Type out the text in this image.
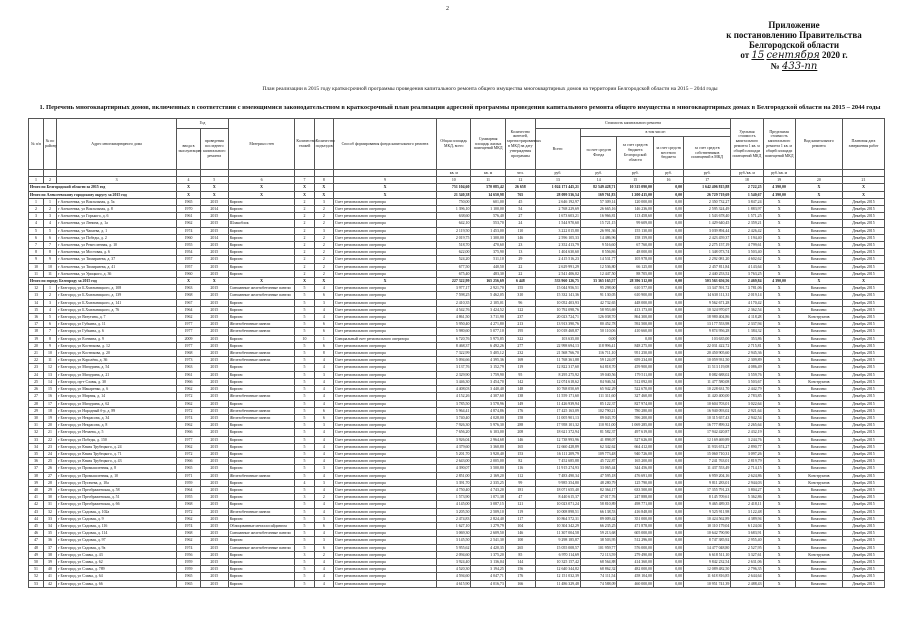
2
Приложение
к постановлению Правительства
Белгородской области
от 15 сентября 2020 г.
№ 433-пп
План реализации в 2015 году краткосрочной программы проведения капитального ремонта общего имущества многоквартирных домов на территории Белгородской области на 2015 – 2044 годы
1. Перечень многоквартирных домов, включенных в соответствии с имеющимися законодательством в краткосрочный план реализации адресной программы проведения капитального ремонта общего имущества в многоквартирных домах в Белгородской области на 2015 – 2044 годы
№ п/п	№ по району	Адрес многоквартирного дома	Год		Материал стен	Количество этажей	Количество подъездов	Способ формирования фонда капитального ремонта	Общая площадь МКД, всего	Суммарная площадь жилых помещений МКД	Количество жителей, зарегистрированных в МКД на дату утверждения программы	Стоимость капитального ремонта					Удельная стоимость капитального ремонта 1 кв. м общей площади помещений МКД	Предельная стоимость капитального ремонта 1 кв. м общей площади помещений МКД	Вид капитального ремонта	Плановая дата завершения работ
			ввода в эксплуатацию	проведения последнего капитального ремонта								Всего:	в том числе:							
													за счет средств Фонда	за счет средств бюджета Белгородской области	за счет средств местного бюджета	за счет средств собственников помещений в МКД				
									кв. м	кв. м	чел.	руб.	руб.	руб.	руб.	руб.	руб./кв. м	руб./кв. м		
1	2	3	4	5	6	7	8	9	10	11	12	13	14	15	16	17	18	19	20	21
Итого по Белгородской области за 2015 год			X	X	X	X	X	X	751 104,60	570 085,42	26 658	1 024 171 445,21	82 549 428,71	10 315 090,00	0,00	1 642 406 815,88	2 722,25	4 390,00	X	X
Итого по Алексеевскому городскому округу за 2015 год			X	X	X	X	X	X	21 340,38	14 650,98	765	28 099 536,54	169 761,83	1 200 415,00	0,00	26 729 719,69	1 540,67	4 390,00	X	X
1	1	г Алексеевка, ул Вокзальная, д. 5а	1965	2015	Кирпич	2	3	Счет регионального оператора	750,00	601,00	45	2 646 192,97	57 309,14	120 000,00	0,00	2 350 732,27	3 847,24	X	Комплекс	Декабрь 2015
2	2	г Алексеевка, ул Вокзальная, д. 8	1970	2014	Кирпич	2	2	Счет регионального оператора	1 396,10	1 100,00	54	2 768 229,69	26 665,16	146 236,00	0,00	2 595 324,49	1 883,97	X	Комплекс	Декабрь 2015
3	3	г Алексеевка, ул Горького, д. 6	1961	2015	Кирпич	2	2	Счет регионального оператора	638,60	576,40	27	1 673 603,21	16 966,81	113 458,60	0,00	1 543 678,40	1 571,25	X	Комплекс	Декабрь 2015
4	4	г Алексеевка, ул Ленина, д. 1а	1962	2015	Шлакоблок	2	2	Счет регионального оператора	642,10	553,70	24	1 544 970,60	15 721,15	99 609,00	0,00	1 429 640,45	2 359,21	X	Комплекс	Декабрь 2015
5	5	г Алексеевка, ул Чапаева, д. 1	1974	2015	Кирпич	2	3	Счет регионального оператора	2 119,50	1 453,00	110	3 222 015,80	26 991,36	155 130,00	0,00	3 039 894,44	2 426,42	X	Комплекс	Декабрь 2015
6	6	г Алексеевка, ул Победы, д. 2	1960	2014	Кирпич	2	2	Счет регионального оператора	2 019,75	1 300,00	146	2 596 105,33	14 486,96	158 159,00	0,00	2 423 459,37	1 194,40	X	Комплекс	Декабрь 2015
7	7	г Алексеевка, ул Ремесленная, д. 10	1955	2015	Кирпич	2	2	Счет регионального оператора	518,70	470,60	23	2 352 413,79	9 516,60	67 760,00	0,00	2 275 157,19	4 799,61	X	Комплекс	Декабрь 2015
8	8	г Алексеевка, ул Мостовая, д. 6	1954	2015	Кирпич	2	2	Счет регионального оператора	622,00	375,90	13	1 404 630,60	8 556,86	48 000,00	0,00	1 348 073,74	3 503,40	X	Комплекс	Декабрь 2015
9	9	г Алексеевка, ул Тимирязева, д. 37	1957	2015	Кирпич	2	2	Счет регионального оператора	524,20	511,10	29	2 415 516,23	14 531,77	105 978,00	0,00	2 292 081,20	4 602,62	X	Комплекс	Декабрь 2015
10	10	г Алексеевка, ул Тимирязева, д. 41	1957	2015	Кирпич	2	2	Счет регионального оператора	677,50	440,50	22	2 629 991,29	12 536,80	66 125,00	0,00	2 457 811,84	4 143,64	X	Комплекс	Декабрь 2015
11	11	г Алексеевка, ул Урицкого, д. 36	1960	2015	Кирпич	2	2	Счет регионального оператора	675,40	483,30	22	2 541 406,02	12 447,50	88 705,00	0,00	2 440 253,52	3 763,25	X	Комплекс	Декабрь 2015
Итого по городу Белгороду за 2015 год			X	X	X	X	X	X	227 322,99	165 256,69	6 448	533 960 126,75	33 365 165,57	28 396 312,00	0,00	503 563 656,56	2 469,84	4 390,00	X	X
12	1	г Белгород, ул Б.Хмельницкого, д. 108	1963	2015	Смешанные железобетонные панели	5	4	Счет регионального оператора	3 977,17	2 921,70	155	15 044 956,51	95 298,00	610 577,00	0,00	13 347 591,72	3 781,06	X	Комплекс	Декабрь 2015
13	2	г Белгород, ул Б.Хмельницкого, д. 139	1968	2015	Смешанные железобетонные панели	5	6	Счет регионального оператора	7 598,25	5 462,05	310	15 332 141,36	91 130,05	610 900,00	0,00	14 630 111,31	2 019,14	X	Комплекс	Декабрь 2015
14	3	г Белгород, ул Б.Хмельницкого, д. 141	1967	2015	Кирпич	5	3	Счет регионального оператора	2 410,35	2 105,01	96	10 052 403,93	42 732,65	448 000,00	0,00	9 562 671,28	4 170,42	X	Комплекс	Декабрь 2015
15	4	г Белгород, ул Б.Хмельницкого, д. 76	1964	2015	Кирпич	5	4	Счет регионального оператора	4 542,76	3 424,52	122	10 792 098,76	58 953,69	413 173,00	0,00	10 324 970,07	2 362,54	X	Комплекс	Декабрь 2015
16	5	г Белгород, ул Ватутина, д. 7	1962	2015	Кирпич	5	4	Счет регионального оператора	4 861,50	3 711,90	237	20 023 724,71	126 038,70	864 300,00	0,00	18 980 404,86	4 118,28	X	Конструктив	Декабрь 2015
17	6	г Белгород, ул Губкина, д. 11	1977	2015	Железобетонные панели	5	6	Счет регионального оператора	5 950,40	4 271,80	213	13 913 390,76	80 452,78	592 500,00	0,00	13 177 553,98	2 337,94	X	Комплекс	Декабрь 2015
18	7	г Белгород, ул Губкина, д. 6	1977	2015	Железобетонные панели	5	6	Счет регионального оператора	5 980,60	5 077,10	195	10 018 468,87	50 110,06	410 660,00	0,00	9 874 956,28	1 384,32	X	Комплекс	Декабрь 2015
19	8	г Белгород, ул Есенина, д. 9	2009	2015	Кирпич	10	1	Специальный счет регионального оператора	6 720,76	5 975,85	322	103 635,00	0,00	0,00	0,00	103 635,00	353,86	X	Комплекс	Декабрь 2015
20	9	г Белгород, ул Костюкова, д. 12	1977	2015	Кирпич	5	6	Счет регионального оператора	8 468,37	6 492,26	277	22 998 694,13	118 996,41	848 275,00	0,00	22 031 422,72	2 715,81	X	Комплекс	Декабрь 2015
21	10	г Белгород, ул Костюкова, д. 20	1968	2015	Железобетонные панели	5	8	Счет регионального оператора	7 322,99	5 405,12	232	21 568 766,70	116 711,10	951 250,00	0,00	20 450 905,60	2 945,36	X	Комплекс	Декабрь 2015
22	11	г Белгород, ул Королёва, д. 36	1973	2015	Железобетонные панели	5	4	Счет регионального оператора	5 094,66	4 395,36	169	11 768 361,88	59 124,07	659 234,00	0,00	10 059 931,50	2 309,89	X	Комплекс	Декабрь 2015
23	12	г Белгород, ул Мичурина, д. 54	1963	2015	Кирпич	5	4	Счет регионального оператора	3 137,76	3 152,79	119	12 822 317,60	64 818,70	459 900,00	0,00	11 513 119,08	4 086,49	X	Комплекс	Декабрь 2015
24	13	г Белгород, ул Мичурина, д. 21	1961	2015	Кирпич	5	3	Счет регионального оператора	2 329,90	1 759,90	95	8 295 275,92	39 040,56	179 511,00	0,00	8 082 688,02	3 559,76	X	Комплекс	Декабрь 2015
25	14	г Белгород, пр-т Славы, д. 30	1966	2015	Кирпич	5	4	Счет регионального оператора	3 446,30	3 454,70	142	12 074 618,62	84 946,54	512 092,00	0,00	11 477 580,08	3 503,67	X	Конструктив	Декабрь 2015
26	15	г Белгород, ул Макаренко, д. 6	1962	2015	Кирпич	5	4	Счет регионального оператора	4 408,03	3 440,40	148	10 768 050,69	65 942,29	522 670,00	0,00	10 228 631,70	2 442,79	X	Комплекс	Декабрь 2015
27	16	г Белгород, ул Мирная, д. 14	1972	2015	Железобетонные панели	5	4	Счет регионального оператора	4 152,26	4 307,60	138	11 559 171,60	111 311,60	327 460,00	0,00	11 420 400,00	2 783,85	X	Комплекс	Декабрь 2015
28	17	г Белгород, ул Мичурина, д. 62	1962	2015	Кирпич	5	4	Счет регионального оператора	3 785,50	3 578,96	149	11 426 939,94	85 122,37	827 974,00	0,00	10 604 703,01	3 022,64	X	Комплекс	Декабрь 2015
29	18	г Белгород, ул Народный б-р, д. 89	1972	2015	Железобетонные панели	5	6	Счет регионального оператора	5 964,41	4 874,86	176	17 425 163,09	102 790,21	780 280,00	0,00	16 940 093,02	2 921,64	X	Комплекс	Декабрь 2015
30	19	г Белгород, ул Некрасова, д. 34	1974	2015	Железобетонные панели	5	6	Счет регионального оператора	3 740,40	4 028,00	158	11 005 901,13	89 043,70	596 200,00	0,00	10 315 657,43	2 942,54	X	Комплекс	Декабрь 2015
31	20	г Белгород, ул Некрасова, д. 8	1962	2015	Кирпич	5	3	Счет регионального оператора	7 926,30	5 976,30	288	17 958 101,32	110 911,00	1 069 285,00	0,00	16 777 899,32	2 265,64	X	Комплекс	Декабрь 2015
32	21	г Белгород, ул Нечаева, д. 5	1966	2015	Кирпич	5	4	Счет регионального оператора	7 656,20	6 103,00	208	18 621 372,94	81 582,37	497 619,00	0,00	17 942 420,87	2 432,19	X	Комплекс	Декабрь 2015
33	22	г Белгород, ул Победы, д. 150	1977	2015	Кирпич	5	4	Счет регионального оператора	3 926,04	2 964,68	146	12 738 993,96	41 898,07	527 626,00	0,00	12 169 469,89	3 244,76	X	Комплекс	Декабрь 2015
34	23	г Белгород, ул Князя Трубецкого, д. 24	1962	2015	Кирпич	5	4	Счет регионального оператора	4 379,60	3 360,80	165	12 660 428,89	62 342,62	664 412,00	0,00	11 933 674,27	2 890,77	X	Комплекс	Декабрь 2015
35	24	г Белгород, ул Князя Трубецкого, д. 71	1972	2015	Кирпич	5	4	Счет регионального оператора	5 201,70	3 920,40	153	16 111 209,79	109 773,48	940 726,00	0,00	15 060 710,31	3 097,26	X	Комплекс	Декабрь 2015
36	25	г Белгород, ул Князя Трубецкого, д. 43	1966	2015	Кирпич	5	4	Счет регионального оператора	2 643,00	2 005,00	82	7 452 685,88	45 722,87	165 200,00	0,00	7 241 763,01	2 819,79	X	Комплекс	Декабрь 2015
37	26	г Белгород, ул Промышленная, д. 8	1965	2015	Кирпич	5	3	Счет регионального оператора	4 390,07	3 500,80	116	11 915 274,93	33 065,44	344 456,00	0,00	11 437 553,49	2 714,15	X	Комплекс	Декабрь 2015
38	27	г Белгород, ул Промышленная, д. 10	1971	2015	Железобетонные панели	5	4	Счет регионального оператора	2 851,00	2 169,20	112	7 483 490,34	47 595,18	476 691,00	0,00	6 959 204,16	2 624,86	X	Конструктив	Декабрь 2015
39	28	г Белгород, ул Пугачева, д. 10а	1959	2015	Кирпич	4	3	Счет регионального оператора	3 391,70	2 335,25	99	9 985 354,80	48 280,79	125 790,00	0,00	9 811 283,01	2 944,03	X	Конструктив	Декабрь 2015
40	29	г Белгород, ул Преображенская, д. 58	1964	2015	Кирпич	5	4	Счет регионального оператора	4 750,40	4 743,20	181	18 071 655,40	82 364,17	633 500,00	0,00	17 355 791,23	3 804,27	X	Комплекс	Декабрь 2015
41	30	г Белгород, ул Преображенская, д. 51	1955	2015	Кирпич	3	2	Счет регионального оператора	1 573,90	1 071,38	47	8 440 615,37	47 017,76	247 888,00	0,00	8 145 709,61	5 362,86	X	Комплекс	Декабрь 2015
42	31	г Белгород, ул Преображенская, д. 66	1968	2015	Кирпич	5	4	Счет регионального оператора	4 145,00	3 087,15	121	10 023 071,24	58 810,89	498 771,00	0,00	9 465 489,35	2 418,11	X	Комплекс	Декабрь 2015
43	32	г Белгород, ул Садовая, д. 102а	1972	2015	Железобетонные панели	5	4	Счет регионального оператора	3 205,50	2 509,10	119	10 008 898,51	66 138,53	416 848,00	0,00	9 525 911,98	3 122,48	X	Комплекс	Декабрь 2015
44	33	г Белгород, ул Садовая, д. 9	1962	2015	Кирпич	5	3	Счет регионального оператора	2 474,83	2 824,40	117	10 864 572,31	89 009,42	351 000,00	0,00	10 424 562,89	4 389,94	X	Комплекс	Декабрь 2015
45	34	г Белгород, ул Садовая, д. 116	1974	2015	Облицованные металлосайдингом	5	6	Счет регионального оператора	1 627,10	1 279,79	104	10 304 342,29	66 235,25	471 878,00	0,00	10 110 179,04	6 124,04	X	Комплекс	Декабрь 2015
46	35	г Белгород, ул Садовая, д. 114	1968	2015	Смешанные железобетонные панели	5	4	Счет регионального оператора	3 069,30	2 609,50	146	11 307 004,58	59 213,68	605 000,00	0,00	10 642 790,90	3 683,91	X	Комплекс	Декабрь 2015
47	36	г Белгород, ул Садовая, д. 97	1962	2015	Кирпич	5	3	Счет регионального оператора	3 145,50	2 541,30	100	9 298 185,87	38 503,95	512 296,00	0,00	8 747 385,92	2 955,40	X	Комплекс	Декабрь 2015
48	37	г Белгород, ул Садовая, д. 9а	1974	2015	Смешанные железобетонные панели	5	6	Счет регионального оператора	5 955,62	4 420,35	265	15 055 008,57	101 959,77	576 000,00	0,00	14 477 048,80	2 527,95	X	Комплекс	Декабрь 2015
49	38	г Белгород, ул Славы, д. 43	1956	2015	Кирпич	3	2	Счет регионального оператора	2 094,60	1 375,20	85	6 970 114,69	72 113,59	279 490,00	0,00	6 618 511,10	3 327,61	X	Конструктив	Декабрь 2015
50	39	г Белгород, ул Славы, д. 62	1959	2015	Кирпич	5	4	Счет регионального оператора	3 924,40	3 136,04	144	10 325 157,42	68 564,88	414 360,00	0,00	9 842 232,54	2 631,06	X	Комплекс	Декабрь 2015
51	40	г Белгород, ул Славы, д. 789	1959	2015	Кирпич	5	4	Счет регионального оператора	4 520,30	3 194,25	156	12 640 344,82	68 862,32	482 000,00	0,00	12 089 482,50	2 796,35	X	Комплекс	Декабрь 2015
52	41	г Белгород, ул Славы, д. 64	1965	2015	Кирпич	5	4	Счет регионального оператора	4 594,60	4 047,71	176	12 151 032,39	74 111,54	458 104,00	0,00	11 618 816,85	2 644,64	X	Комплекс	Декабрь 2015
53	42	г Белгород, ул Славы, д. 66	1965	2015	Кирпич	5	4	Счет регионального оператора	4 615,90	4 016,73	166	11 486 329,48	74 588,09	460 000,00	0,00	10 951 741,39	2 488,43	X	Комплекс	Декабрь 2015
